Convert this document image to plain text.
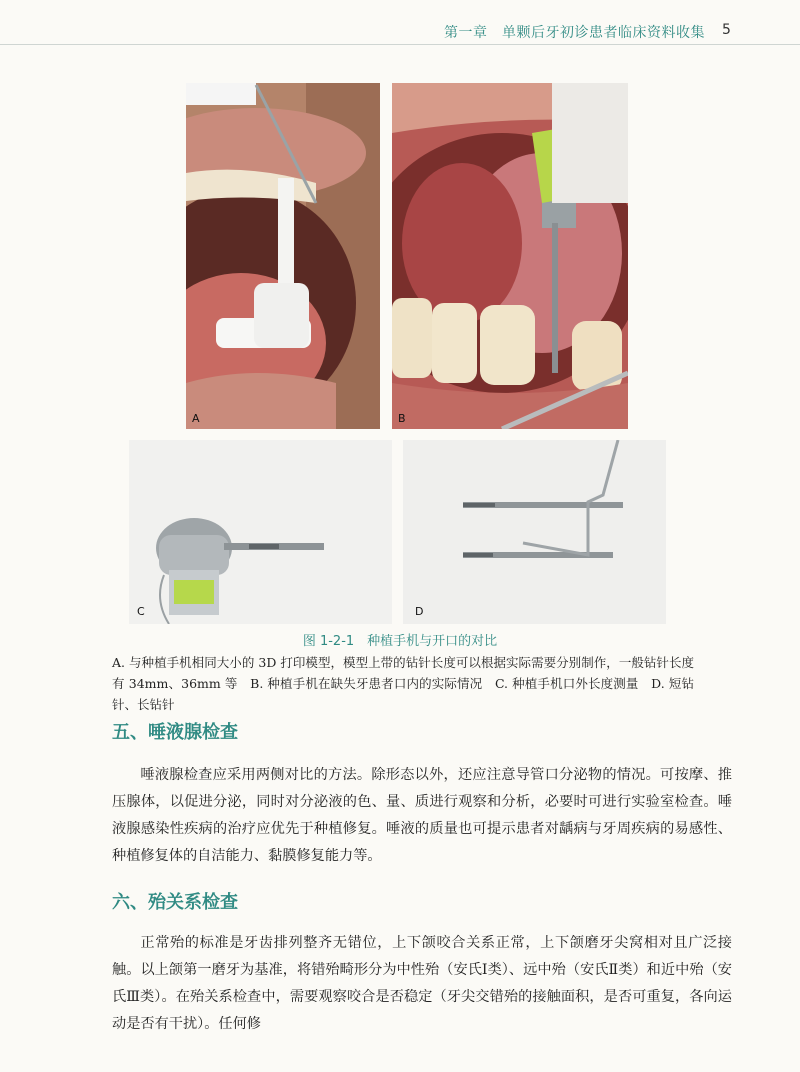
第一章　单颗后牙初诊患者临床资料收集 5
A	B
C	D
图 1-2-1　种植手机与开口的对比
A. 与种植手机相同大小的 3D 打印模型，模型上带的钻针长度可以根据实际需要分别制作，一般钻针长度有 34mm、36mm 等　B. 种植手机在缺失牙患者口内的实际情况　C. 种植手机口外长度测量　D. 短钻针、长钻针
五、唾液腺检查
唾液腺检查应采用两侧对比的方法。除形态以外，还应注意导管口分泌物的情况。可按摩、推压腺体，以促进分泌，同时对分泌液的色、量、质进行观察和分析，必要时可进行实验室检查。唾液腺感染性疾病的治疗应优先于种植修复。唾液的质量也可提示患者对龋病与牙周疾病的易感性、种植修复体的自洁能力、黏膜修复能力等。
六、殆关系检查
正常殆的标准是牙齿排列整齐无错位，上下颌咬合关系正常，上下颌磨牙尖窝相对且广泛接触。以上颌第一磨牙为基准，将错殆畸形分为中性殆（安氏Ⅰ类）、远中殆（安氏Ⅱ类）和近中殆（安氏Ⅲ类）。在殆关系检查中，需要观察咬合是否稳定（牙尖交错殆的接触面积，是否可重复，各向运动是否有干扰）。任何修
